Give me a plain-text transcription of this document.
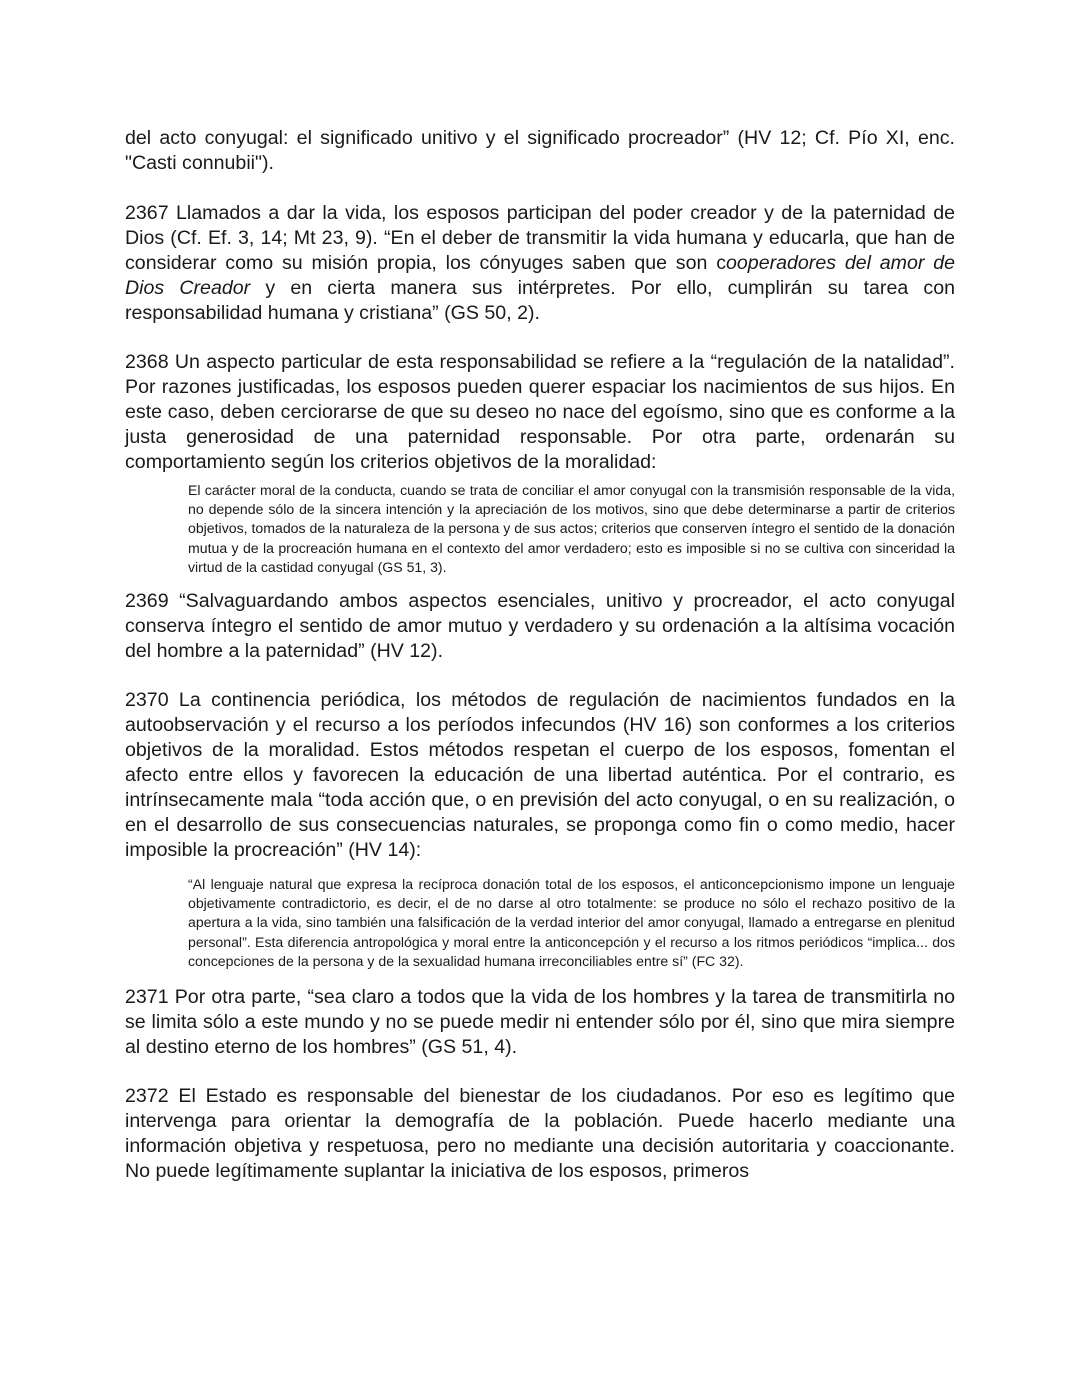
del acto conyugal: el significado unitivo y el significado procreador” (HV 12; Cf. Pío XI, enc. "Casti connubii").

2367 Llamados a dar la vida, los esposos participan del poder creador y de la paternidad de Dios (Cf. Ef. 3, 14; Mt 23, 9). “En el deber de transmitir la vida humana y educarla, que han de considerar como su misión propia, los cónyuges saben que son cooperadores del amor de Dios Creador y en cierta manera sus intérpretes. Por ello, cumplirán su tarea con responsabilidad humana y cristiana” (GS 50, 2).

2368 Un aspecto particular de esta responsabilidad se refiere a la “regulación de la natalidad”. Por razones justificadas, los esposos pueden querer espaciar los nacimientos de sus hijos. En este caso, deben cerciorarse de que su deseo no nace del egoísmo, sino que es conforme a la justa generosidad de una paternidad responsable. Por otra parte, ordenarán su comportamiento según los criterios objetivos de la moralidad:

El carácter moral de la conducta, cuando se trata de conciliar el amor conyugal con la transmisión responsable de la vida, no depende sólo de la sincera intención y la apreciación de los motivos, sino que debe determinarse a partir de criterios objetivos, tomados de la naturaleza de la persona y de sus actos; criterios que conserven íntegro el sentido de la donación mutua y de la procreación humana en el contexto del amor verdadero; esto es imposible si no se cultiva con sinceridad la virtud de la castidad conyugal (GS 51, 3).

2369 “Salvaguardando ambos aspectos esenciales, unitivo y procreador, el acto conyugal conserva íntegro el sentido de amor mutuo y verdadero y su ordenación a la altísima vocación del hombre a la paternidad” (HV 12).

2370 La continencia periódica, los métodos de regulación de nacimientos fundados en la autoobservación y el recurso a los períodos infecundos (HV 16) son conformes a los criterios objetivos de la moralidad. Estos métodos respetan el cuerpo de los esposos, fomentan el afecto entre ellos y favorecen la educación de una libertad auténtica. Por el contrario, es intrínsecamente mala “toda acción que, o en previsión del acto conyugal, o en su realización, o en el desarrollo de sus consecuencias naturales, se proponga como fin o como medio, hacer imposible la procreación” (HV 14):

“Al lenguaje natural que expresa la recíproca donación total de los esposos, el anticoncepcionismo impone un lenguaje objetivamente contradictorio, es decir, el de no darse al otro totalmente: se produce no sólo el rechazo positivo de la apertura a la vida, sino también una falsificación de la verdad interior del amor conyugal, llamado a entregarse en plenitud personal”. Esta diferencia antropológica y moral entre la anticoncepción y el recurso a los ritmos periódicos “implica... dos concepciones de la persona y de la sexualidad humana irreconciliables entre sí” (FC 32).

2371 Por otra parte, “sea claro a todos que la vida de los hombres y la tarea de transmitirla no se limita sólo a este mundo y no se puede medir ni entender sólo por él, sino que mira siempre al destino eterno de los hombres” (GS 51, 4).

2372 El Estado es responsable del bienestar de los ciudadanos. Por eso es legítimo que intervenga para orientar la demografía de la población. Puede hacerlo mediante una información objetiva y respetuosa, pero no mediante una decisión autoritaria y coaccionante. No puede legítimamente suplantar la iniciativa de los esposos, primeros
